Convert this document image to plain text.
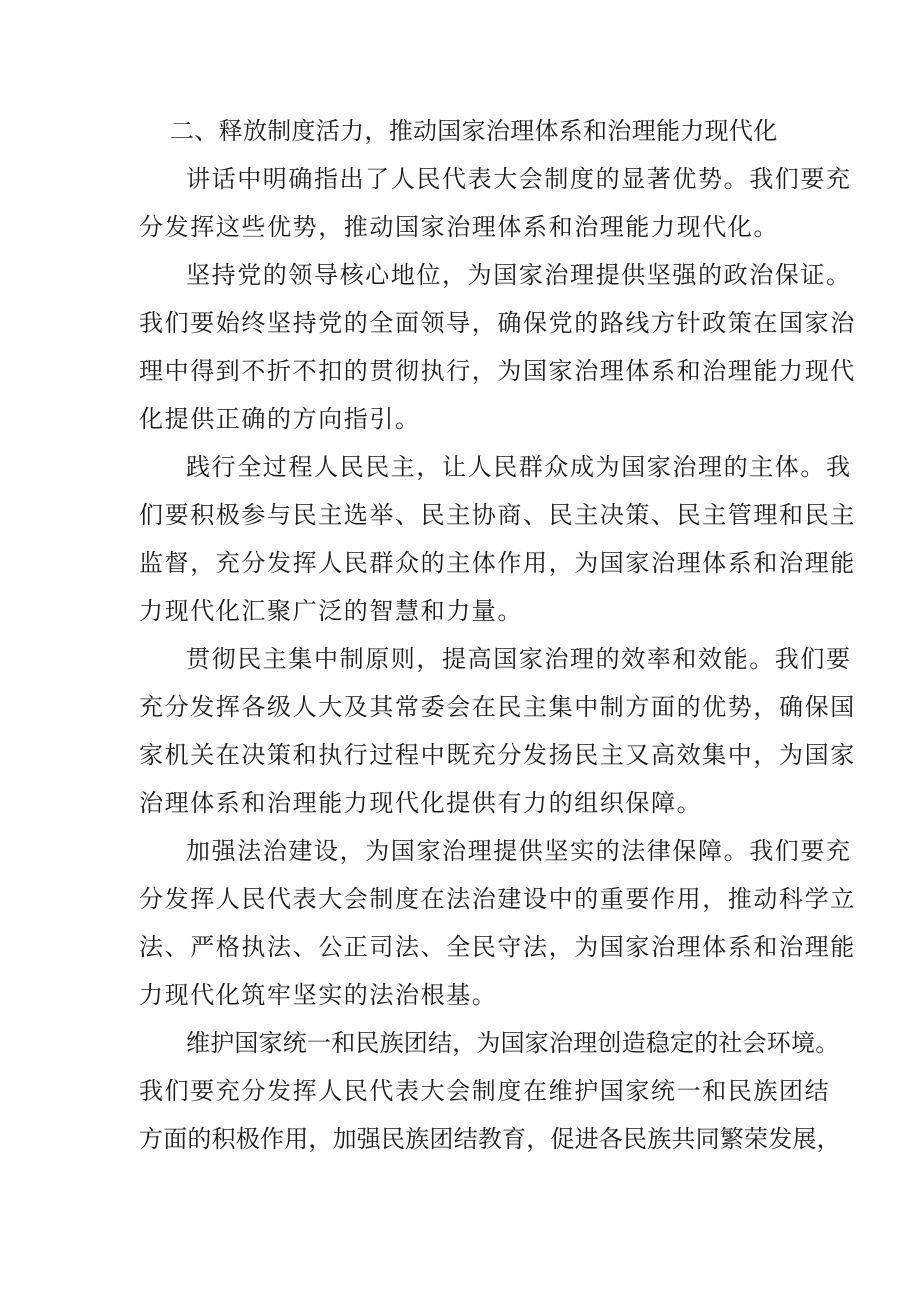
二、释放制度活力，推动国家治理体系和治理能力现代化
讲话中明确指出了人民代表大会制度的显著优势。我们要充
分发挥这些优势，推动国家治理体系和治理能力现代化。
坚持党的领导核心地位，为国家治理提供坚强的政治保证。
我们要始终坚持党的全面领导，确保党的路线方针政策在国家治
理中得到不折不扣的贯彻执行，为国家治理体系和治理能力现代
化提供正确的方向指引。
践行全过程人民民主，让人民群众成为国家治理的主体。我
们要积极参与民主选举、民主协商、民主决策、民主管理和民主
监督，充分发挥人民群众的主体作用，为国家治理体系和治理能
力现代化汇聚广泛的智慧和力量。
贯彻民主集中制原则，提高国家治理的效率和效能。我们要
充分发挥各级人大及其常委会在民主集中制方面的优势，确保国
家机关在决策和执行过程中既充分发扬民主又高效集中，为国家
治理体系和治理能力现代化提供有力的组织保障。
加强法治建设，为国家治理提供坚实的法律保障。我们要充
分发挥人民代表大会制度在法治建设中的重要作用，推动科学立
法、严格执法、公正司法、全民守法，为国家治理体系和治理能
力现代化筑牢坚实的法治根基。
维护国家统一和民族团结，为国家治理创造稳定的社会环境。
我们要充分发挥人民代表大会制度在维护国家统一和民族团结
方面的积极作用，加强民族团结教育，促进各民族共同繁荣发展，
